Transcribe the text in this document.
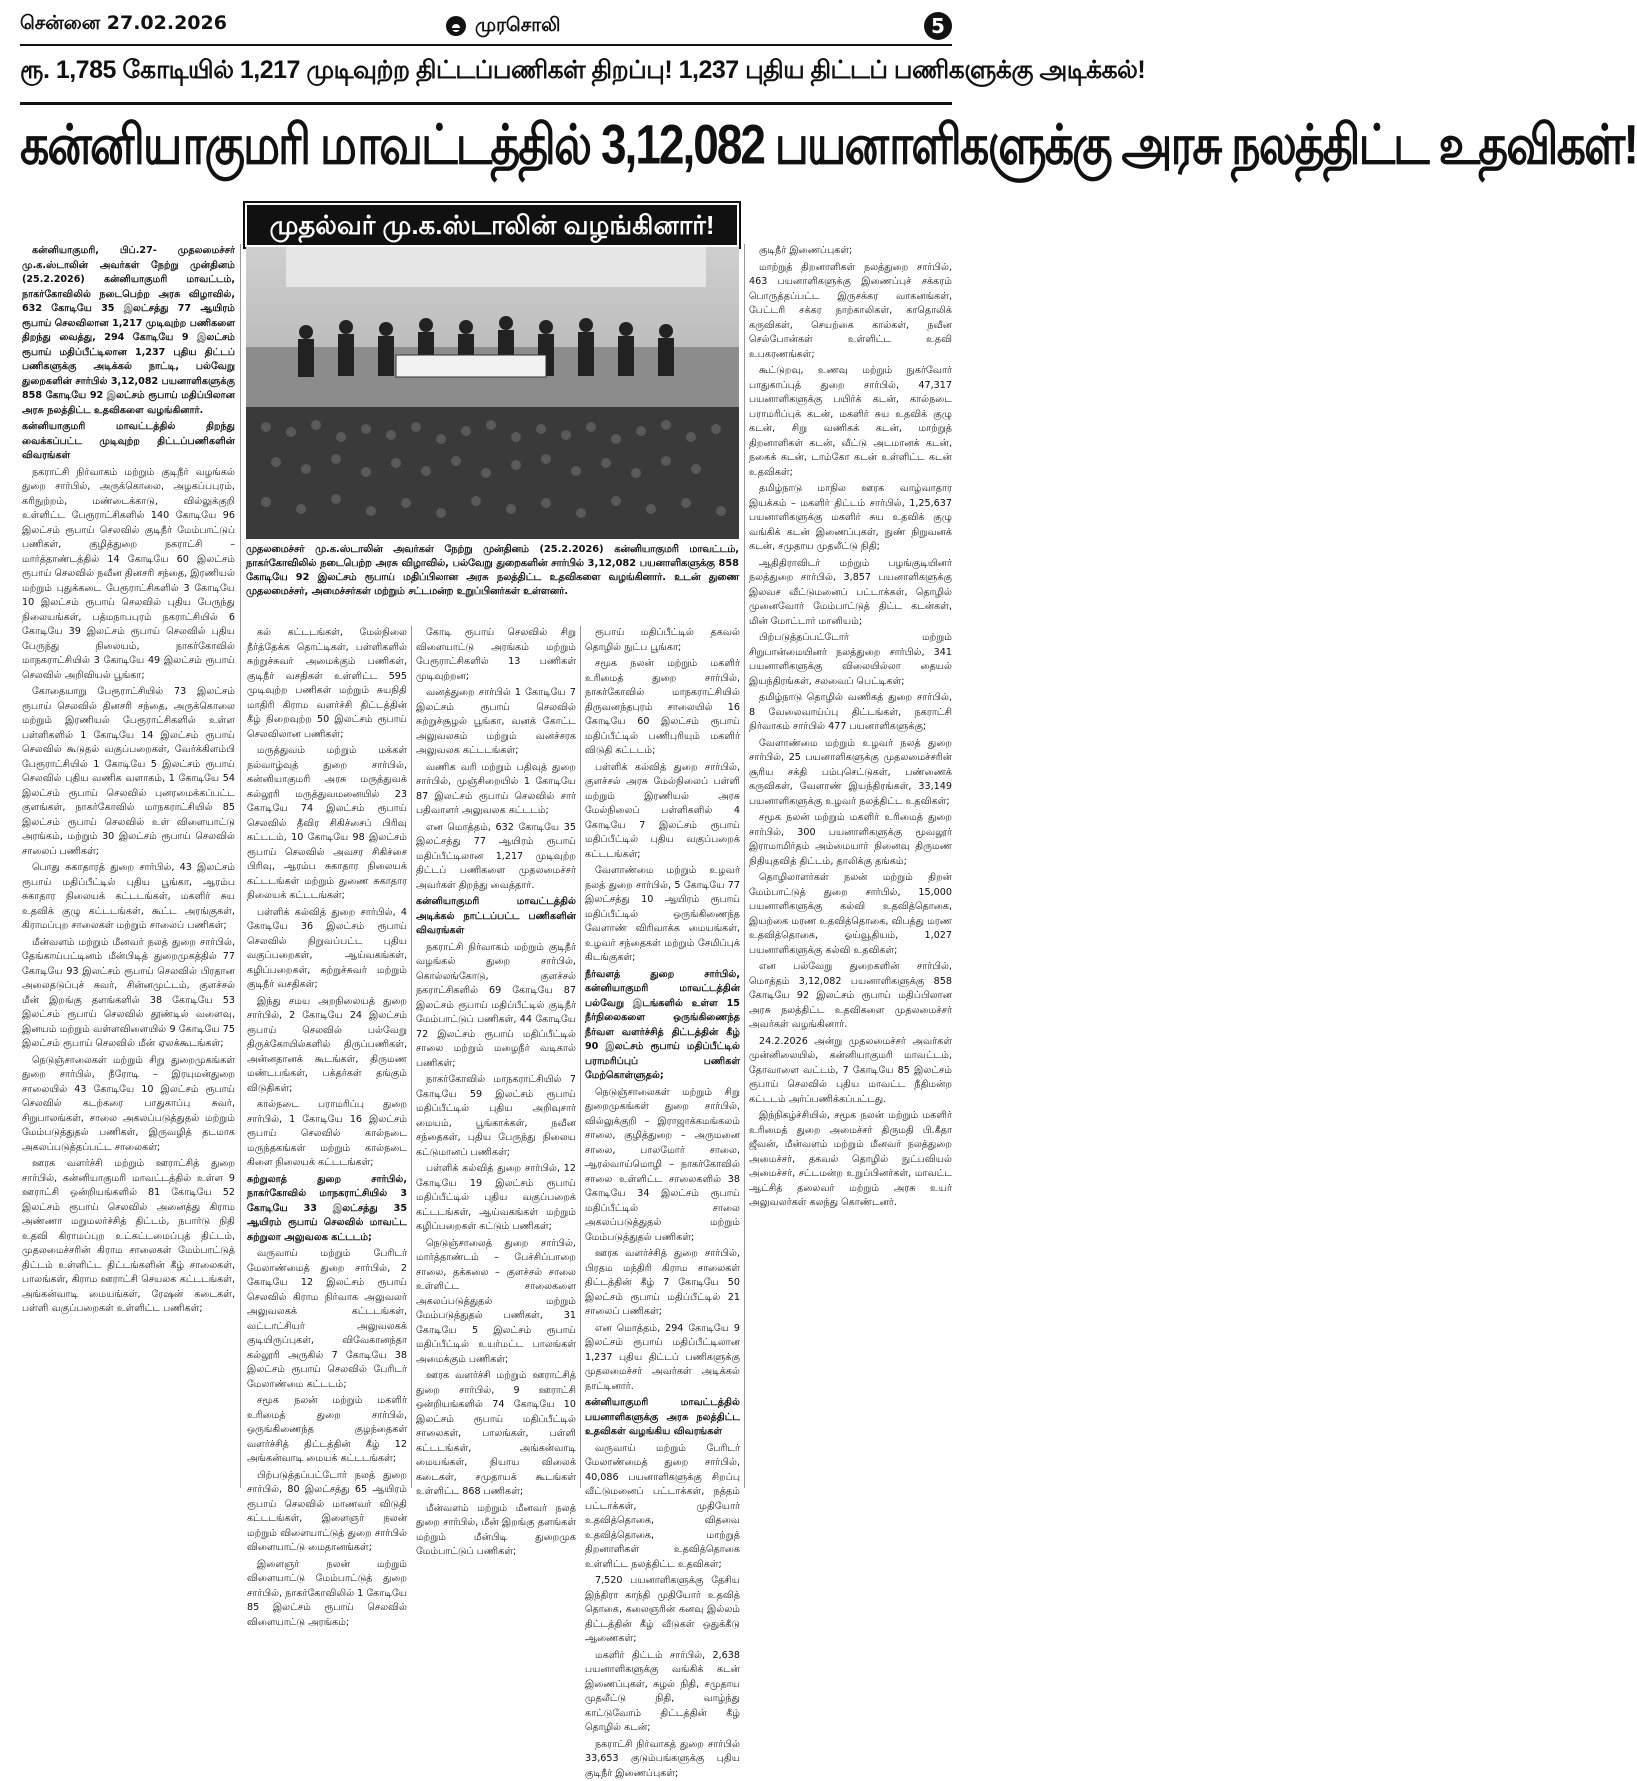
சென்னை 27.02.2026	முரசொலி	5
ரூ. 1,785 கோடியில் 1,217 முடிவுற்ற திட்டப்பணிகள் திறப்பு! 1,237 புதிய திட்டப் பணிகளுக்கு அடிக்கல்!
கன்னியாகுமரி மாவட்டத்தில் 3,12,082 பயனாளிகளுக்கு அரசு நலத்திட்ட உதவிகள்!

கன்னியாகுமரி, பிப்.27- முதலமைச்சர் மு.க.ஸ்டாலின் அவர்கள் நேற்று முன்தினம் (25.2.2026) கன்னியாகுமரி மாவட்டம், நாகர்கோவிலில் நடைபெற்ற அரசு விழாவில், 632 கோடியே 35 இலட்சத்து 77 ஆயிரம் ரூபாய் செலவிலான 1,217 முடிவுற்ற பணிகளை திறந்து வைத்து, 294 கோடியே 9 இலட்சம் ரூபாய் மதிப்பீட்டிலான 1,237 புதிய திட்டப் பணிகளுக்கு அடிக்கல் நாட்டி, பல்வேறு துறைகளின் சார்பில் 3,12,082 பயனாளிகளுக்கு 858 கோடியே 92 இலட்சம் ரூபாய் மதிப்பிலான அரசு நலத்திட்ட உதவிகளை வழங்கினார்.

கன்னியாகுமரி மாவட்டத்தில் திறந்து வைக்கப்பட்ட முடிவுற்ற திட்டப்பணிகளின் விவரங்கள்

நகராட்சி நிர்வாகம் மற்றும் குடிநீர் வழங்கல் துறை சார்பில், அருக்கொலை, அழகப்பபுரம், கரிநுற்றம், மண்டைக்காடு, வில்லுக்குறி உள்ளிட்ட பேரூராட்சிகளில் 140 கோடியே 96 இலட்சம் ரூபாய் செலவில் குடிநீர் மேம்பாட்டுப் பணிகள், குழித்துறை நகராட்சி – மார்த்தாண்டத்தில் 14 கோடியே 60 இலட்சம் ரூபாய் செலவில் நவீன தினசரி சந்தை, இரணியல் மற்றும் புதுக்கடை பேரூராட்சிகளில் 3 கோடியே 10 இலட்சம் ரூபாய் செலவில் புதிய பேருந்து நிலையங்கள், பத்மநாபபுரம் நகராட்சியில் 6 கோடியே 39 இலட்சம் ரூபாய் செலவில் புதிய பேருந்து நிலையம், நாகர்கோவில் மாநகராட்சியில் 3 கோடியே 49 இலட்சம் ரூபாய் செலவில் அறிவியல் பூங்கா;

கோதையாறு பேரூராட்சியில் 73 இலட்சம் ரூபாய் செலவில் தினசரி சந்தை, அருக்கொலை மற்றும் இரணியல் பேரூராட்சிகளில் உள்ள பள்ளிகளில் 1 கோடியே 14 இலட்சம் ரூபாய் செலவில் கூடுதல் வகுப்பறைகள், வேர்க்கிளம்பி பேரூராட்சியில் 1 கோடியே 5 இலட்சம் ரூபாய் செலவில் புதிய வணிக வளாகம், 1 கோடியே 54 இலட்சம் ரூபாய் செலவில் புனரமைக்கப்பட்ட குளங்கள், நாகர்கோவில் மாநகராட்சியில் 85 இலட்சம் ரூபாய் செலவில் உள் விளையாட்டு அரங்கம், மற்றும் 30 இலட்சம் ரூபாய் செலவில் சாலைப் பணிகள்;

பொது சுகாதாரத் துறை சார்பில், 43 இலட்சம் ரூபாய் மதிப்பீட்டில் புதிய பூங்கா, ஆரம்ப சுகாதார நிலையக் கட்டடங்கள், மகளிர் சுய உதவிக் குழு கட்டடங்கள், கூட்ட அரங்குகள், கிராமப்புற சாலைகள் மற்றும் சாலைப் பணிகள்;

மீன்வளம் மற்றும் மீனவர் நலத் துறை சார்பில், தேங்காய்பட்டினம் மீன்பிடித் துறைமுகத்தில் 77 கோடியே 93 இலட்சம் ரூபாய் செலவில் பிரதான அலைதடுப்புச் சுவர், சின்னமுட்டம், குளச்சல் மீன் இறங்கு தளங்களில் 38 கோடியே 53 இலட்சம் ரூபாய் செலவில் தூண்டில் வளைவு, இனயம் மற்றும் வள்ளவிளையில் 9 கோடியே 75 இலட்சம் ரூபாய் செலவில் மீன் ஏலக்கூடங்கள்;

நெடுஞ்சாலைகள் மற்றும் சிறு துறைமுகங்கள் துறை சார்பில், நீரோடி – இரயுமன்துறை சாலையில் 43 கோடியே 10 இலட்சம் ரூபாய் செலவில் கடற்கரை பாதுகாப்பு சுவர், சிறுபாலங்கள், சாலை அகலப்படுத்துதல் மற்றும் மேம்படுத்துதல் பணிகள், இருவழித் தடமாக அகலப்படுத்தப்பட்ட சாலைகள்;

ஊரக வளர்ச்சி மற்றும் ஊராட்சித் துறை சார்பில், கன்னியாகுமரி மாவட்டத்தில் உள்ள 9 ஊராட்சி ஒன்றியங்களில் 81 கோடியே 52 இலட்சம் ரூபாய் செலவில் அனைத்து கிராம அண்ணா மறுமலர்ச்சித் திட்டம், நபார்டு நிதி உதவி கிராமப்புற உட்கட்டமைப்புத் திட்டம், முதலமைச்சரின் கிராம சாலைகள் மேம்பாட்டுத் திட்டம் உள்ளிட்ட திட்டங்களின் கீழ் சாலைகள், பாலங்கள், கிராம ஊராட்சி செயலக கட்டடங்கள், அங்கன்வாடி மையங்கள், ரேஷன் கடைகள், பள்ளி வகுப்பறைகள் உள்ளிட்ட பணிகள்;

முதல்வர் மு.க.ஸ்டாலின் வழங்கினார்!
முதலமைச்சர் மு.க.ஸ்டாலின் அவர்கள் நேற்று முன்தினம் (25.2.2026) கன்னியாகுமரி மாவட்டம், நாகர்கோவிலில் நடைபெற்ற அரசு விழாவில், பல்வேறு துறைகளின் சார்பில் 3,12,082 பயனாளிகளுக்கு 858 கோடியே 92 இலட்சம் ரூபாய் மதிப்பிலான அரசு நலத்திட்ட உதவிகளை வழங்கினார். உடன் துணை முதலமைச்சர், அமைச்சர்கள் மற்றும் சட்டமன்ற உறுப்பினர்கள் உள்ளனர்.

கல் கட்டடங்கள், மேல்நிலை நீர்த்தேக்க தொட்டிகள், பள்ளிகளில் சுற்றுச்சுவர் அமைக்கும் பணிகள், குடிநீர் வசதிகள் உள்ளிட்ட 595 முடிவுற்ற பணிகள் மற்றும் சுயநிதி மாதிரி கிராம வளர்ச்சி திட்டத்தின் கீழ் நிறைவுற்ற 50 இலட்சம் ரூபாய் செலவிலான பணிகள்;

மருத்துவம் மற்றும் மக்கள் நல்வாழ்வுத் துறை சார்பில், கன்னியாகுமரி அரசு மருத்துவக் கல்லூரி மருத்துவமனையில் 23 கோடியே 74 இலட்சம் ரூபாய் செலவில் தீவிர சிகிச்சைப் பிரிவு கட்டடம், 10 கோடியே 98 இலட்சம் ரூபாய் செலவில் அவசர சிகிச்சை பிரிவு, ஆரம்ப சுகாதார நிலையக் கட்டடங்கள் மற்றும் துணை சுகாதார நிலையக் கட்டடங்கள்;

பள்ளிக் கல்வித் துறை சார்பில், 4 கோடியே 36 இலட்சம் ரூபாய் செலவில் நிறுவப்பட்ட புதிய வகுப்பறைகள், ஆய்வகங்கள், கழிப்பறைகள், சுற்றுச்சுவர் மற்றும் குடிநீர் வசதிகள்;

இந்து சமய அறநிலையத் துறை சார்பில், 2 கோடியே 24 இலட்சம் ரூபாய் செலவில் பல்வேறு திருக்கோயில்களில் திருப்பணிகள், அன்னதானக் கூடங்கள், திருமண மண்டபங்கள், பக்தர்கள் தங்கும் விடுதிகள்;

கால்நடை பராமரிப்பு துறை சார்பில், 1 கோடியே 16 இலட்சம் ரூபாய் செலவில் கால்நடை மருந்தகங்கள் மற்றும் கால்நடை கிளை நிலையக் கட்டடங்கள்;

சுற்றுலாத் துறை சார்பில், நாகர்கோவில் மாநகராட்சியில் 3 கோடியே 33 இலட்சத்து 35 ஆயிரம் ரூபாய் செலவில் மாவட்ட சுற்றுலா அலுவலக கட்டடம்;

வருவாய் மற்றும் பேரிடர் மேலாண்மைத் துறை சார்பில், 2 கோடியே 12 இலட்சம் ரூபாய் செலவில் கிராம நிர்வாக அலுவலர் அலுவலகக் கட்டடங்கள், வட்டாட்சியர் அலுவலகக் குடியிருப்புகள், விவேகானந்தா கல்லூரி அருகில் 7 கோடியே 38 இலட்சம் ரூபாய் செலவில் பேரிடர் மேலாண்மை கட்டடம்;

சமூக நலன் மற்றும் மகளிர் உரிமைத் துறை சார்பில், ஒருங்கிணைந்த குழந்தைகள் வளர்ச்சித் திட்டத்தின் கீழ் 12 அங்கன்வாடி மையக் கட்டடங்கள்;

பிற்படுத்தப்பட்டோர் நலத் துறை சார்பில், 80 இலட்சத்து 65 ஆயிரம் ரூபாய் செலவில் மாணவர் விடுதி கட்டடங்கள், இளைஞர் நலன் மற்றும் விளையாட்டுத் துறை சார்பில் விளையாட்டு மைதானங்கள்;

இளைஞர் நலன் மற்றும் விளையாட்டு மேம்பாட்டுத் துறை சார்பில், நாகர்கோவிலில் 1 கோடியே 85 இலட்சம் ரூபாய் செலவில் விளையாட்டு அரங்கம்;

கோடி ரூபாய் செலவில் சிறு விளையாட்டு அரங்கம் மற்றும் பேரூராட்சிகளில் 13 பணிகள் முடிவுற்றன;

வனத்துறை சார்பில் 1 கோடியே 7 இலட்சம் ரூபாய் செலவில் சுற்றுச்சூழல் பூங்கா, வனக் கோட்ட அலுவலகம் மற்றும் வனச்சரக அலுவலக கட்டடங்கள்;

வணிக வரி மற்றும் பதிவுத் துறை சார்பில், முஞ்சிறையில் 1 கோடியே 87 இலட்சம் ரூபாய் செலவில் சார் பதிவாளர் அலுவலக கட்டடம்;

என மொத்தம், 632 கோடியே 35 இலட்சத்து 77 ஆயிரம் ரூபாய் மதிப்பீட்டிலான 1,217 முடிவுற்ற திட்டப் பணிகளை முதலமைச்சர் அவர்கள் திறந்து வைத்தார்.

கன்னியாகுமரி மாவட்டத்தில் அடிக்கல் நாட்டப்பட்ட பணிகளின் விவரங்கள்

நகராட்சி நிர்வாகம் மற்றும் குடிநீர் வழங்கல் துறை சார்பில், கொல்லங்கோடு, குளச்சல் நகராட்சிகளில் 69 கோடியே 87 இலட்சம் ரூபாய் மதிப்பீட்டில் குடிநீர் மேம்பாட்டுப் பணிகள், 44 கோடியே 72 இலட்சம் ரூபாய் மதிப்பீட்டில் சாலை மற்றும் மழைநீர் வடிகால் பணிகள்;

நாகர்கோவில் மாநகராட்சியில் 7 கோடியே 59 இலட்சம் ரூபாய் மதிப்பீட்டில் புதிய அறிவுசார் மையம், பூங்காக்கள், நவீன சந்தைகள், புதிய பேருந்து நிலைய கட்டுமானப் பணிகள்;

பள்ளிக் கல்வித் துறை சார்பில், 12 கோடியே 19 இலட்சம் ரூபாய் மதிப்பீட்டில் புதிய வகுப்பறைக் கட்டடங்கள், ஆய்வகங்கள் மற்றும் கழிப்பறைகள் கட்டும் பணிகள்;

நெடுஞ்சாலைத் துறை சார்பில், மார்த்தாண்டம் – பேச்சிப்பாறை சாலை, தக்கலை – குளச்சல் சாலை உள்ளிட்ட சாலைகளை அகலப்படுத்துதல் மற்றும் மேம்படுத்துதல் பணிகள், 31 கோடியே 5 இலட்சம் ரூபாய் மதிப்பீட்டில் உயர்மட்ட பாலங்கள் அமைக்கும் பணிகள்;

ஊரக வளர்ச்சி மற்றும் ஊராட்சித் துறை சார்பில், 9 ஊராட்சி ஒன்றியங்களில் 74 கோடியே 10 இலட்சம் ரூபாய் மதிப்பீட்டில் சாலைகள், பாலங்கள், பள்ளி கட்டடங்கள், அங்கன்வாடி மையங்கள், நியாய விலைக் கடைகள், சமுதாயக் கூடங்கள் உள்ளிட்ட 868 பணிகள்;

மீன்வளம் மற்றும் மீனவர் நலத் துறை சார்பில், மீன் இறங்கு தளங்கள் மற்றும் மீன்பிடி துறைமுக மேம்பாட்டுப் பணிகள்;

ரூபாய் மதிப்பீட்டில் தகவல் தொழில் நுட்ப பூங்கா;

சமூக நலன் மற்றும் மகளிர் உரிமைத் துறை சார்பில், நாகர்கோவில் மாநகராட்சியில் திருவனந்தபுரம் சாலையில் 16 கோடியே 60 இலட்சம் ரூபாய் மதிப்பீட்டில் பணிபுரியும் மகளிர் விடுதி கட்டடம்;

பள்ளிக் கல்வித் துறை சார்பில், குளச்சல் அரசு மேல்நிலைப் பள்ளி மற்றும் இரணியல் அரசு மேல்நிலைப் பள்ளிகளில் 4 கோடியே 7 இலட்சம் ரூபாய் மதிப்பீட்டில் புதிய வகுப்பறைக் கட்டடங்கள்;

வேளாண்மை மற்றும் உழவர் நலத் துறை சார்பில், 5 கோடியே 77 இலட்சத்து 10 ஆயிரம் ரூபாய் மதிப்பீட்டில் ஒருங்கிணைந்த வேளாண் விரிவாக்க மையங்கள், உழவர் சந்தைகள் மற்றும் சேமிப்புக் கிடங்குகள்;

நீர்வளத் துறை சார்பில், கன்னியாகுமரி மாவட்டத்தின் பல்வேறு இடங்களில் உள்ள 15 நீர்நிலைகளை ஒருங்கிணைந்த நீர்வள வளர்ச்சித் திட்டத்தின் கீழ் 90 இலட்சம் ரூபாய் மதிப்பீட்டில் பராமரிப்புப் பணிகள் மேற்கொள்ளுதல்;

நெடுஞ்சாலைகள் மற்றும் சிறு துறைமுகங்கள் துறை சார்பில், வில்லுக்குறி – இராஜாக்கமங்கலம் சாலை, குழித்துறை – அருமனை சாலை, பாலமோர் சாலை, ஆரல்வாய்மொழி – நாகர்கோவில் சாலை உள்ளிட்ட சாலைகளில் 38 கோடியே 34 இலட்சம் ரூபாய் மதிப்பீட்டில் சாலை அகலப்படுத்துதல் மற்றும் மேம்படுத்துதல் பணிகள்;

ஊரக வளர்ச்சித் துறை சார்பில், பிரதம மந்திரி கிராம சாலைகள் திட்டத்தின் கீழ் 7 கோடியே 50 இலட்சம் ரூபாய் மதிப்பீட்டில் 21 சாலைப் பணிகள்;

என மொத்தம், 294 கோடியே 9 இலட்சம் ரூபாய் மதிப்பீட்டிலான 1,237 புதிய திட்டப் பணிகளுக்கு முதலமைச்சர் அவர்கள் அடிக்கல் நாட்டினார்.

கன்னியாகுமரி மாவட்டத்தில் பயனாளிகளுக்கு அரசு நலத்திட்ட உதவிகள் வழங்கிய விவரங்கள்

வருவாய் மற்றும் பேரிடர் மேலாண்மைத் துறை சார்பில், 40,086 பயனாளிகளுக்கு சிறப்பு வீட்டுமனைப் பட்டாக்கள், நத்தம் பட்டாக்கள், முதியோர் உதவித்தொகை, விதவை உதவித்தொகை, மாற்றுத் திறனாளிகள் உதவித்தொகை உள்ளிட்ட நலத்திட்ட உதவிகள்;

7,520 பயனாளிகளுக்கு தேசிய இந்திரா காந்தி முதியோர் உதவித் தொகை, கலைஞரின் கனவு இல்லம் திட்டத்தின் கீழ் வீடுகள் ஒதுக்கீடு ஆணைகள்;

மகளிர் திட்டம் சார்பில், 2,638 பயனாளிகளுக்கு வங்கிக் கடன் இணைப்புகள், சுழல் நிதி, சமுதாய முதலீட்டு நிதி, வாழ்ந்து காட்டுவோம் திட்டத்தின் கீழ் தொழில் கடன்;

நகராட்சி நிர்வாகத் துறை சார்பில் 33,653 குடும்பங்களுக்கு புதிய குடிநீர் இணைப்புகள்;

குடிநீர் இணைப்புகள்;

மாற்றுத் திறனாளிகள் நலத்துறை சார்பில், 463 பயனாளிகளுக்கு இணைப்புச் சக்கரம் பொருத்தப்பட்ட இருசக்கர வாகனங்கள், பேட்டரி சக்கர நாற்காலிகள், காதொலிக் கருவிகள், செயற்கை கால்கள், நவீன செல்போன்கள் உள்ளிட்ட உதவி உபகரணங்கள்;

கூட்டுறவு, உணவு மற்றும் நுகர்வோர் பாதுகாப்புத் துறை சார்பில், 47,317 பயனாளிகளுக்கு பயிர்க் கடன், கால்நடை பராமரிப்புக் கடன், மகளிர் சுய உதவிக் குழு கடன், சிறு வணிகக் கடன், மாற்றுத் திறனாளிகள் கடன், வீட்டு அடமானக் கடன், நகைக் கடன், டாம்கோ கடன் உள்ளிட்ட கடன் உதவிகள்;

தமிழ்நாடு மாநில ஊரக வாழ்வாதார இயக்கம் – மகளிர் திட்டம் சார்பில், 1,25,637 பயனாளிகளுக்கு மகளிர் சுய உதவிக் குழு வங்கிக் கடன் இணைப்புகள், நுண் நிறுவனக் கடன், சமுதாய முதலீட்டு நிதி;

ஆதிதிராவிடர் மற்றும் பழங்குடியினர் நலத்துறை சார்பில், 3,857 பயனாளிகளுக்கு இலவச வீட்டுமனைப் பட்டாக்கள், தொழில் முனைவோர் மேம்பாட்டுத் திட்ட கடன்கள், மின் மோட்டார் மானியம்;

பிற்படுத்தப்பட்டோர் மற்றும் சிறுபான்மையினர் நலத்துறை சார்பில், 341 பயனாளிகளுக்கு விலையில்லா தையல் இயந்திரங்கள், சலவைப் பெட்டிகள்;

தமிழ்நாடு தொழில் வணிகத் துறை சார்பில், 8 வேலைவாய்ப்பு திட்டங்கள், நகராட்சி நிர்வாகம் சார்பில் 477 பயனாளிகளுக்கு;

வேளாண்மை மற்றும் உழவர் நலத் துறை சார்பில், 25 பயனாளிகளுக்கு முதலமைச்சரின் சூரிய சக்தி பம்புசெட்டுகள், பண்ணைக் கருவிகள், வேளாண் இயந்திரங்கள், 33,149 பயனாளிகளுக்கு உழவர் நலத்திட்ட உதவிகள்;

சமூக நலன் மற்றும் மகளிர் உரிமைத் துறை சார்பில், 300 பயனாளிகளுக்கு மூவலூர் இராமாமிர்தம் அம்மையார் நினைவு திருமண நிதியுதவித் திட்டம், தாலிக்கு தங்கம்;

தொழிலாளர்கள் நலன் மற்றும் திறன் மேம்பாட்டுத் துறை சார்பில், 15,000 பயனாளிகளுக்கு கல்வி உதவித்தொகை, இயற்கை மரண உதவித்தொகை, விபத்து மரண உதவித்தொகை, ஓய்வூதியம், 1,027 பயனாளிகளுக்கு கல்வி உதவிகள்;

என பல்வேறு துறைகளின் சார்பில், மொத்தம் 3,12,082 பயனாளிகளுக்கு 858 கோடியே 92 இலட்சம் ரூபாய் மதிப்பிலான அரசு நலத்திட்ட உதவிகளை முதலமைச்சர் அவர்கள் வழங்கினார்.

24.2.2026 அன்று முதலமைச்சர் அவர்கள் முன்னிலையில், கன்னியாகுமரி மாவட்டம், தோவாளை வட்டம், 7 கோடியே 85 இலட்சம் ரூபாய் செலவில் புதிய மாவட்ட நீதிமன்ற கட்டடம் அர்ப்பணிக்கப்பட்டது.

இந்நிகழ்ச்சியில், சமூக நலன் மற்றும் மகளிர் உரிமைத் துறை அமைச்சர் திருமதி பி.கீதா ஜீவன், மீன்வளம் மற்றும் மீனவர் நலத்துறை அமைச்சர், தகவல் தொழில் நுட்பவியல் அமைச்சர், சட்டமன்ற உறுப்பினர்கள், மாவட்ட ஆட்சித் தலைவர் மற்றும் அரசு உயர் அலுவலர்கள் கலந்து கொண்டனர்.
